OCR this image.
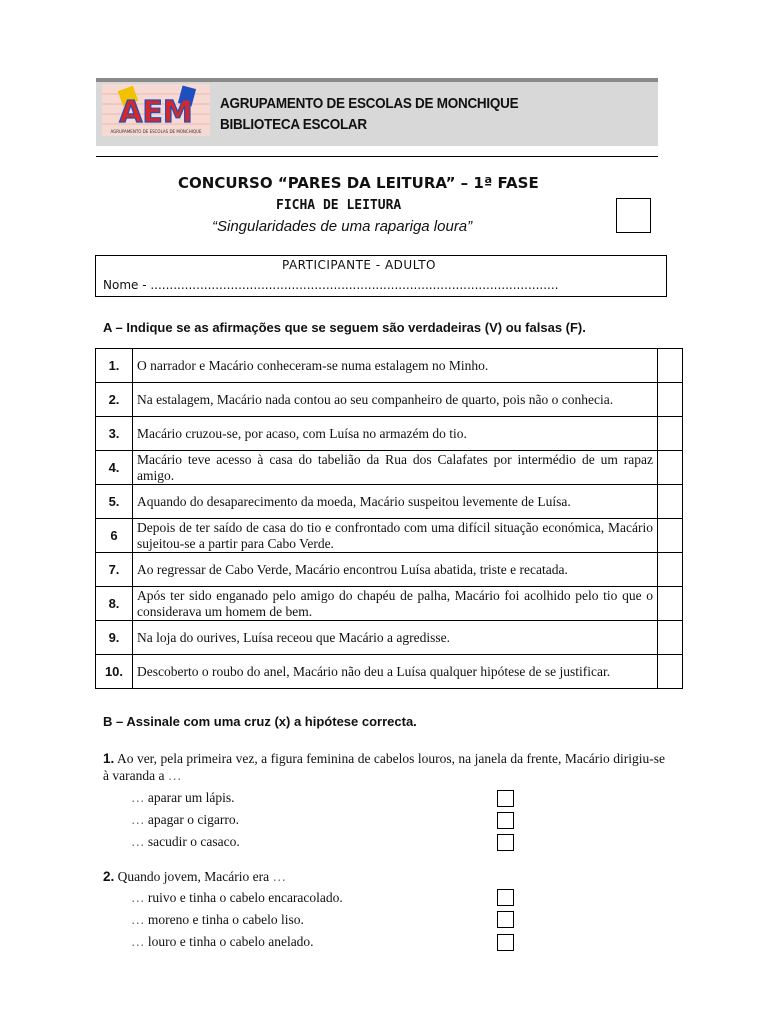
AEM
AGRUPAMENTO DE ESCOLAS DE MONCHIQUE
AGRUPAMENTO DE ESCOLAS DE MONCHIQUE
BIBLIOTECA ESCOLAR
CONCURSO “PARES DA LEITURA” – 1ª FASE
FICHA DE LEITURA
“Singularidades de uma rapariga loura”
PARTICIPANTE - ADULTO
Nome - ...........................................................................................................
A – Indique se as afirmações que se seguem são verdadeiras (V) ou falsas (F).
1.	O narrador e Macário conheceram-se numa estalagem no Minho.	
2.	Na estalagem, Macário nada contou ao seu companheiro de quarto, pois não o conhecia.	
3.	Macário cruzou-se, por acaso, com Luísa no armazém do tio.	
4.	Macário teve acesso à casa do tabelião da Rua dos Calafates por intermédio de um rapaz amigo.	
5.	Aquando do desaparecimento da moeda, Macário suspeitou levemente de Luísa.	
6	Depois de ter saído de casa do tio e confrontado com uma difícil situação económica, Macário sujeitou-se a partir para Cabo Verde.	
7.	Ao regressar de Cabo Verde, Macário encontrou Luísa abatida, triste e recatada.	
8.	Após ter sido enganado pelo amigo do chapéu de palha, Macário foi acolhido pelo tio que o considerava um homem de bem.	
9.	Na loja do ourives, Luísa receou que Macário a agredisse.	
10.	Descoberto o roubo do anel, Macário não deu a Luísa qualquer hipótese de se justificar.	
B – Assinale com uma cruz (x) a hipótese correcta.
1. Ao ver, pela primeira vez, a figura feminina de cabelos louros, na janela da frente, Macário dirigiu-se à varanda a …
… aparar um lápis.
… apagar o cigarro.
… sacudir o casaco.
2. Quando jovem, Macário era …
… ruivo e tinha o cabelo encaracolado.
… moreno e tinha o cabelo liso.
… louro e tinha o cabelo anelado.
